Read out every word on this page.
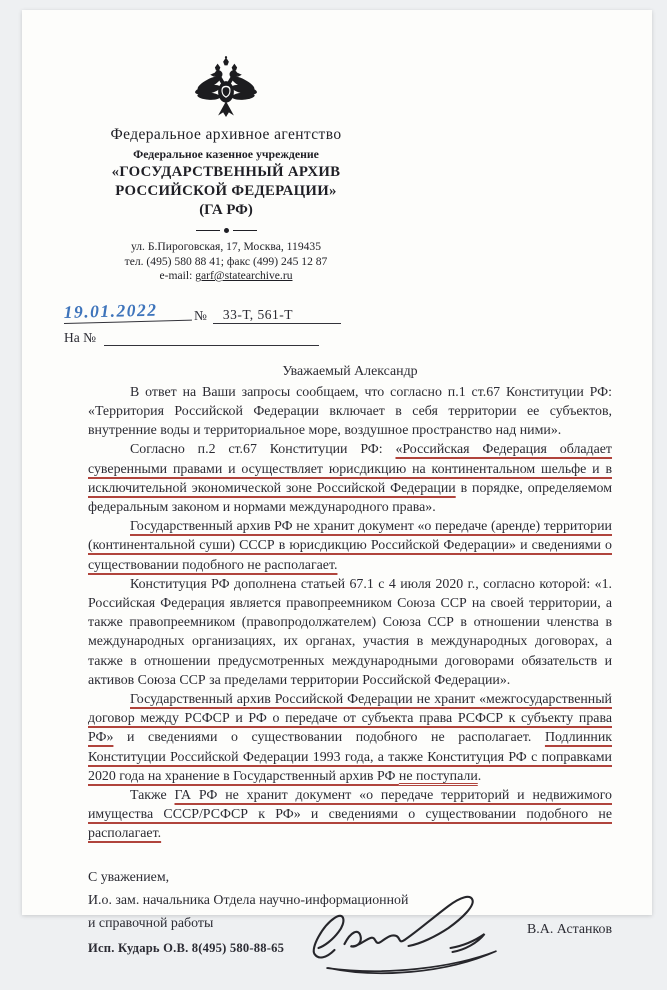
Федеральное архивное агентство
Федеральное казенное учреждение
«ГОСУДАРСТВЕННЫЙ АРХИВ
РОССИЙСКОЙ ФЕДЕРАЦИИ»
(ГА РФ)
ул. Б.Пироговская, 17, Москва, 119435
тел. (495) 580 88 41; факс (499) 245 12 87
e-mail: garf@statearchive.ru
19.01.2022	№	33-Т, 561-Т
На №
Уважаемый Александр

В ответ на Ваши запросы сообщаем, что согласно п.1 ст.67 Конституции РФ: «Территория Российской Федерации включает в себя территории ее субъектов, внутренние воды и территориальное море, воздушное пространство над ними».

Согласно п.2 ст.67 Конституции РФ: «Российская Федерация обладает суверенными правами и осуществляет юрисдикцию на континентальном шельфе и в исключительной экономической зоне Российской Федерации в порядке, определяемом федеральным законом и нормами международного права».

Государственный архив РФ не хранит документ «о передаче (аренде) территории (континентальной суши) СССР в юрисдикцию Российской Федерации» и сведениями о существовании подобного не располагает.

Конституция РФ дополнена статьей 67.1 с 4 июля 2020 г., согласно которой: «1. Российская Федерация является правопреемником Союза ССР на своей территории, а также правопреемником (правопродолжателем) Союза ССР в отношении членства в международных организациях, их органах, участия в международных договорах, а также в отношении предусмотренных международными договорами обязательств и активов Союза ССР за пределами территории Российской Федерации».

Государственный архив Российской Федерации не хранит «межгосударственный договор между РСФСР и РФ о передаче от субъекта права РСФСР к субъекту права РФ» и сведениями о существовании подобного не располагает. Подлинник Конституции Российской Федерации 1993 года, а также Конституция РФ с поправками 2020 года на хранение в Государственный архив РФ не поступали.

Также ГА РФ не хранит документ «о передаче территорий и недвижимого имущества СССР/РСФСР к РФ» и сведениями о существовании подобного не располагает.

С уважением,
И.о. зам. начальника Отдела научно-информационной
и справочной работы
Исп. Кударь О.В. 8(495) 580-88-65
В.А. Астанков
